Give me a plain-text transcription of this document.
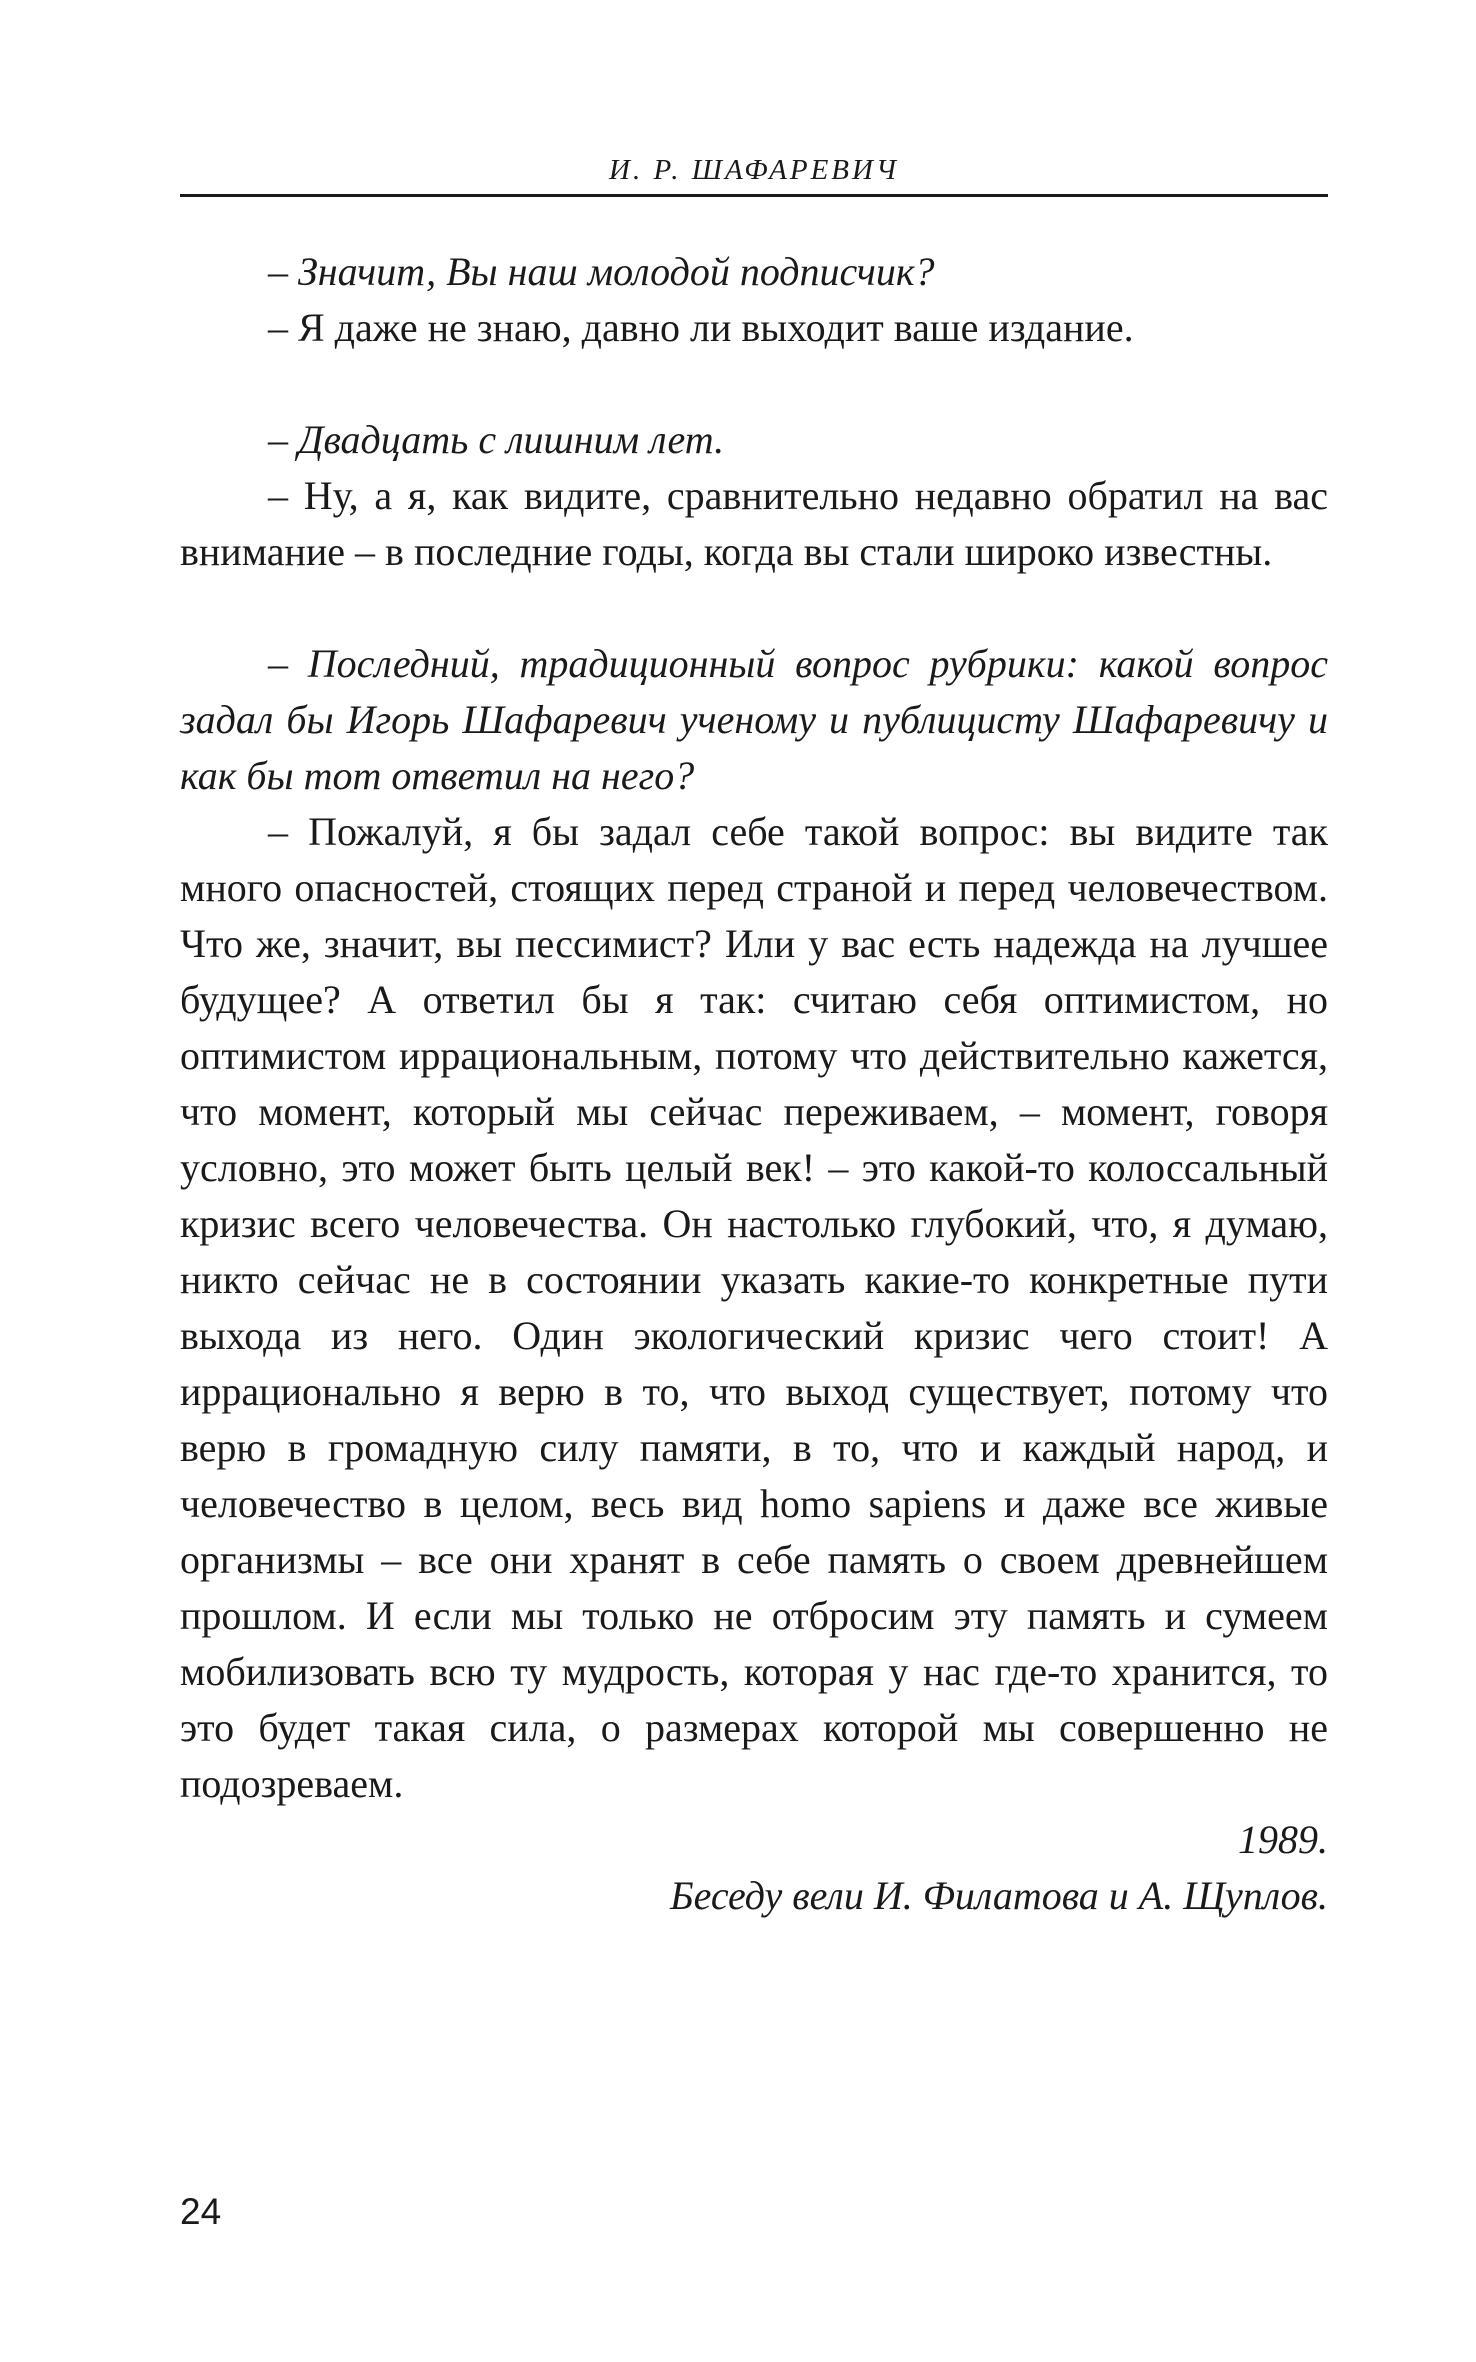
И. Р. ШАФАРЕВИЧ

– Значит, Вы наш молодой подписчик?

– Я даже не знаю, давно ли выходит ваше издание.

– Двадцать с лишним лет.

– Ну, а я, как видите, сравнительно недавно обратил на вас внимание – в последние годы, когда вы стали широко известны.

– Последний, традиционный вопрос рубрики: какой вопрос задал бы Игорь Шафаревич ученому и публицисту Шафаревичу и как бы тот ответил на него?

– Пожалуй, я бы задал себе такой вопрос: вы видите так много опасностей, стоящих перед страной и перед человечеством. Что же, значит, вы пессимист? Или у вас есть надежда на лучшее будущее? А ответил бы я так: считаю себя оптимистом, но оптимистом иррациональным, потому что действительно кажется, что момент, который мы сейчас переживаем, – момент, говоря условно, это может быть целый век! – это какой-то колоссальный кризис всего человечества. Он настолько глубокий, что, я думаю, никто сейчас не в состоянии указать какие-то конкретные пути выхода из него. Один экологический кризис чего стоит! А иррационально я верю в то, что выход существует, потому что верю в громадную силу памяти, в то, что и каждый народ, и человечество в целом, весь вид homo sapiens и даже все живые организмы – все они хранят в себе память о своем древнейшем прошлом. И если мы только не отбросим эту память и сумеем мобилизовать всю ту мудрость, которая у нас где-то хранится, то это будет такая сила, о размерах которой мы совершенно не подозреваем.

1989.

Беседу вели И. Филатова и А. Щуплов.

24
